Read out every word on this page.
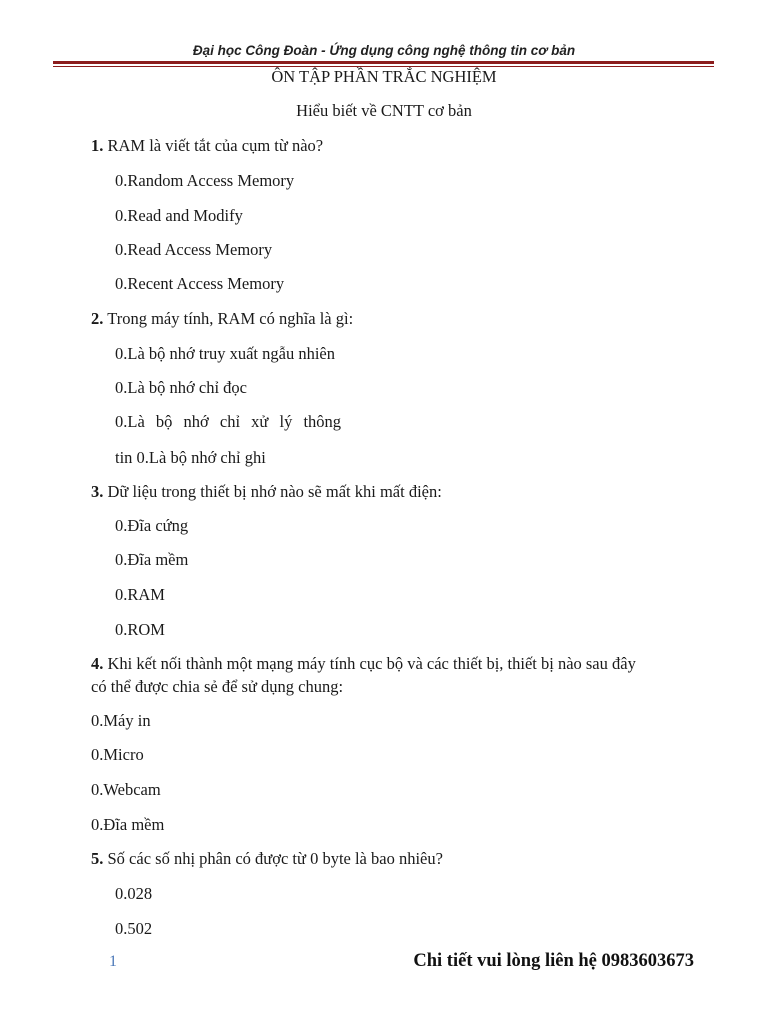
Đại học Công Đoàn - Ứng dụng công nghệ thông tin cơ bản
ÔN TẬP PHẦN TRẮC NGHIỆM
Hiểu biết về CNTT cơ bản
1. RAM là viết tắt của cụm từ nào?
0.Random Access Memory
0.Read and Modify
0.Read Access Memory
0.Recent Access Memory
2. Trong máy tính, RAM có nghĩa là gì:
0.Là bộ nhớ truy xuất ngẫu nhiên
0.Là bộ nhớ chỉ đọc
0.Là bộ nhớ chỉ xử lý thông
tin 0.Là bộ nhớ chỉ ghi
3. Dữ liệu trong thiết bị nhớ nào sẽ mất khi mất điện:
0.Đĩa cứng
0.Đĩa mềm
0.RAM
0.ROM
4. Khi kết nối thành một mạng máy tính cục bộ và các thiết bị, thiết bị nào sau đây
có thể được chia sẻ để sử dụng chung:
0.Máy in
0.Micro
0.Webcam
0.Đĩa mềm
5. Số các số nhị phân có được từ 0 byte là bao nhiêu?
0.028
0.502
1	Chi tiết vui lòng liên hệ 0983603673
